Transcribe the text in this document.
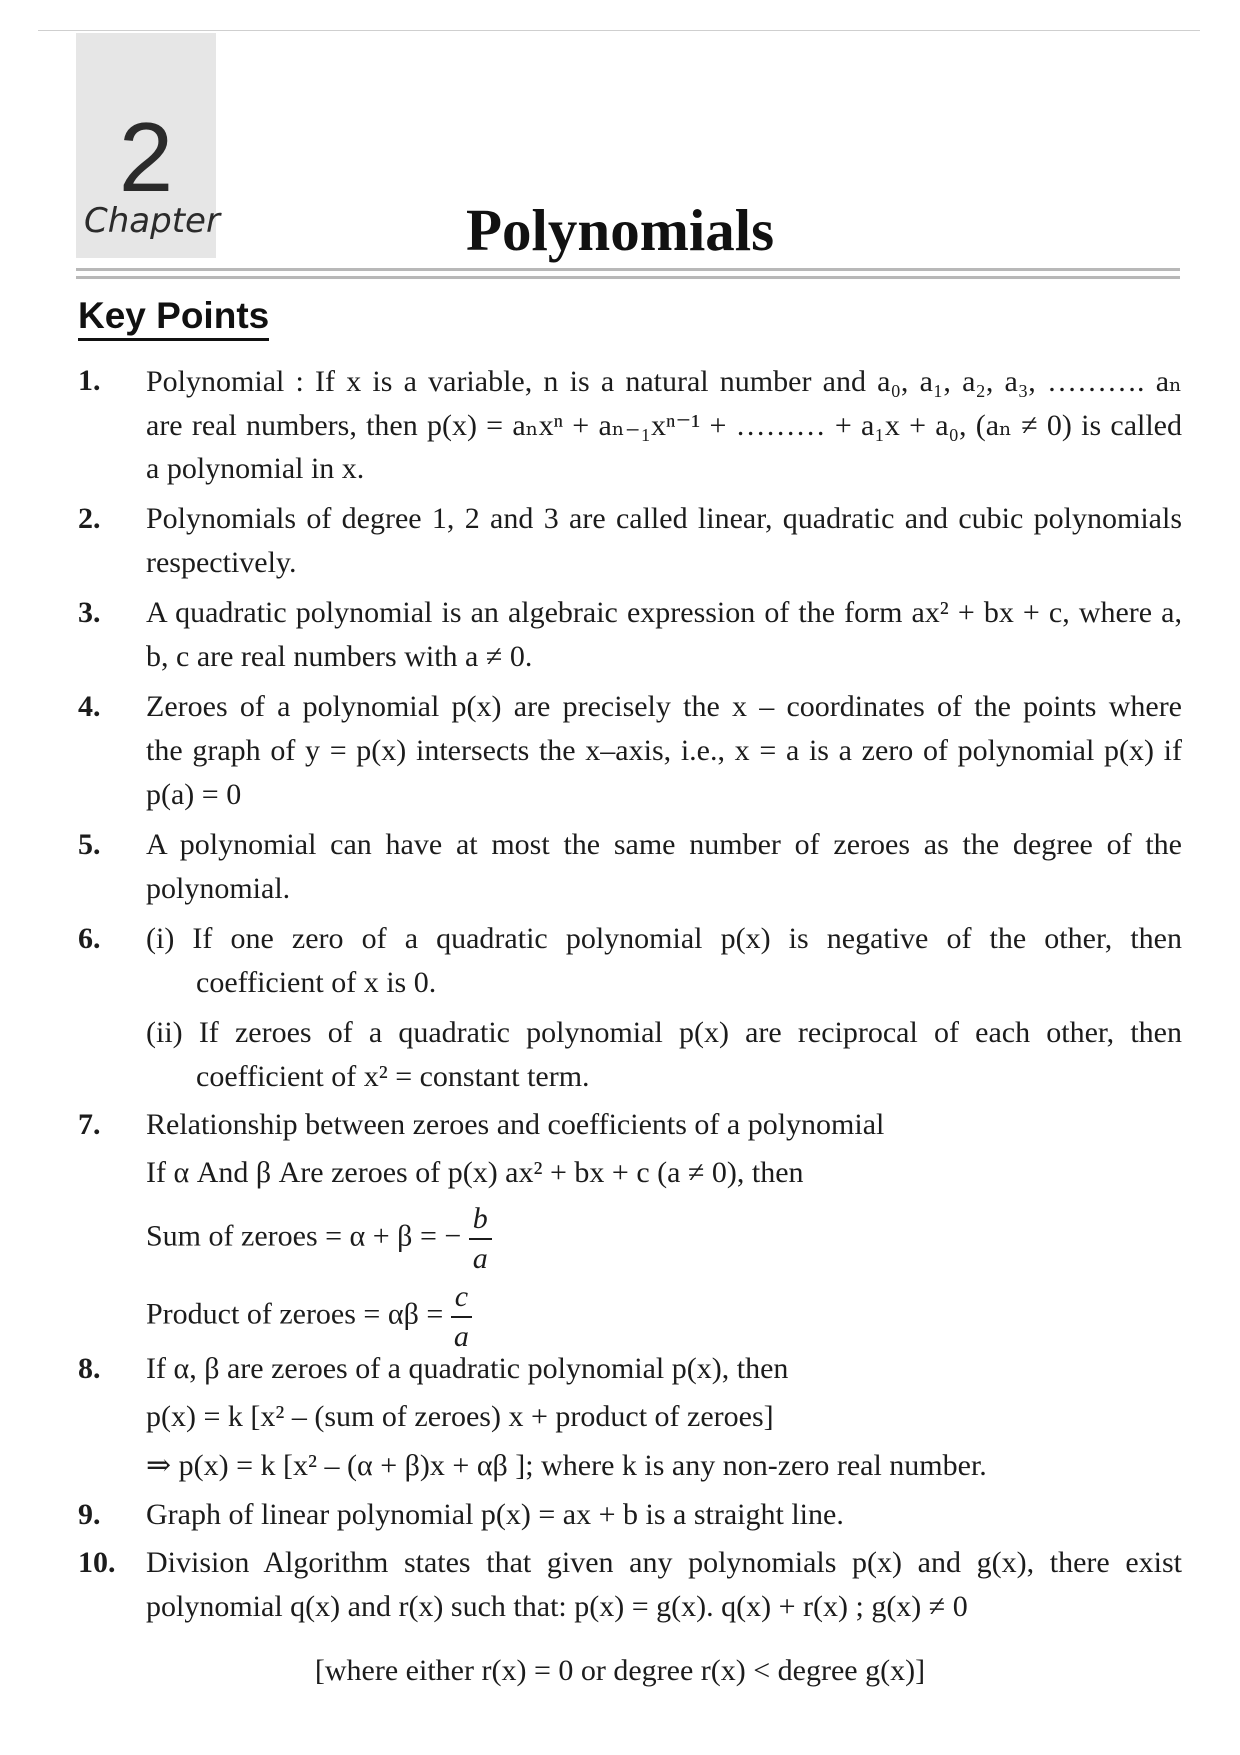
2
Chapter	Polynomials
Key Points
1. Polynomial : If x is a variable, n is a natural number and a₀, a₁, a₂, a₃, ………. aₙ
are real numbers, then p(x) = aₙxⁿ + aₙ₋₁xⁿ⁻¹ + ……… + a₁x + a₀, (aₙ ≠ 0) is called
a polynomial in x.
2. Polynomials of degree 1, 2 and 3 are called linear, quadratic and cubic polynomials
respectively.
3. A quadratic polynomial is an algebraic expression of the form ax² + bx + c, where a,
b, c are real numbers with a ≠ 0.
4. Zeroes of a polynomial p(x) are precisely the x – coordinates of the points where
the graph of y = p(x) intersects the x–axis, i.e., x = a is a zero of polynomial p(x) if
p(a) = 0
5. A polynomial can have at most the same number of zeroes as the degree of the
polynomial.
6. (i) If one zero of a quadratic polynomial p(x) is negative of the other, then
coefficient of x is 0.
(ii) If zeroes of a quadratic polynomial p(x) are reciprocal of each other, then
coefficient of x² = constant term.
7. Relationship between zeroes and coefficients of a polynomial
If α And β Are zeroes of p(x) ax² + bx + c (a ≠ 0), then
Sum of zeroes = α + β = − $\frac{b}{a}$
Product of zeroes = $\alpha\beta = \frac{c}{a}$
8. If α, β are zeroes of a quadratic polynomial p(x), then
p(x) = k [x² – (sum of zeroes) x + product of zeroes]
⇒ p(x) = k [x² – (α + β)x + αβ ]; where k is any non-zero real number.
9. Graph of linear polynomial p(x) = ax + b is a straight line.
10. Division Algorithm states that given any polynomials p(x) and g(x), there exist
polynomial q(x) and r(x) such that: p(x) = g(x). q(x) + r(x) ; g(x) ≠ 0
[where either r(x) = 0 or degree r(x) < degree g(x)]
